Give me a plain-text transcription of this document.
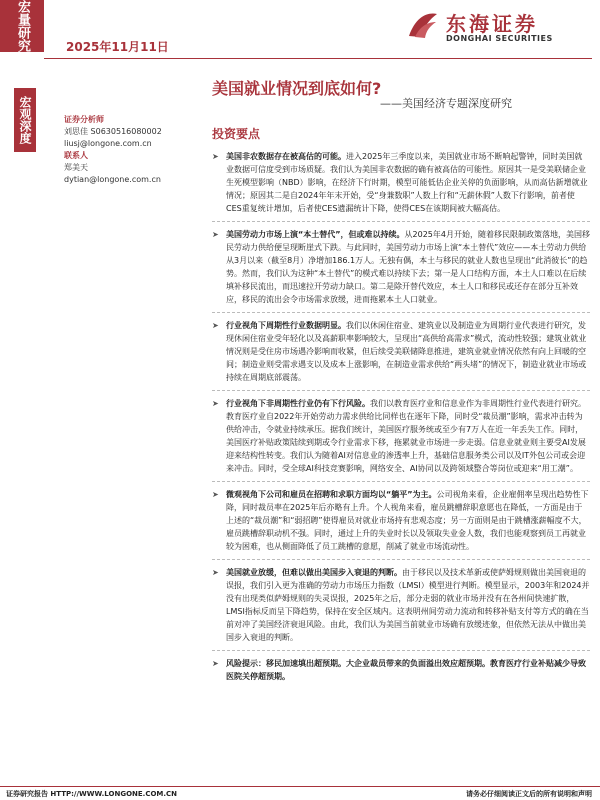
宏量研究	2025年11月11日
东海证券
DONGHAI SECURITIES
宏观深度
美国就业情况到底如何?
——美国经济专题深度研究
证券分析师
刘思佳 S0630516080002
liusj@longone.com.cn
联系人
郑美天
dytian@longone.com.cn
投资要点
➤ 美国非农数据存在被高估的可能。进入2025年三季度以来，美国就业市场不断响起警钟，同时美国就业数据可信度受到市场质疑。我们认为美国非农数据的确有被高估的可能性。原因其一是受美联储企业生死模型影响（NBD）影响，在经济下行时期，模型可能低估企业关停的负面影响，从而高估新增就业情况；原因其二是自2024年年末开始，受“身兼数职”人数上行和“无薪休假”人数下行影响，前者使CES重复统计增加，后者使CES遗漏统计下降，使得CES在该期间被大幅高估。
➤ 美国劳动力市场上演“本土替代”，但或难以持续。从2025年4月开始，随着移民限制政策落地，美国移民劳动力供给便呈现断崖式下跌。与此同时，美国劳动力市场上演“本土替代”效应——本土劳动力供给从3月以来（截至8月）净增加186.1万人。无独有偶，本土与移民的就业人数也呈现出“此消彼长”的趋势。然而，我们认为这种“本土替代”的模式难以持续下去；第一是人口结构方面，本土人口难以在后续填补移民流出，而迅速拉开劳动力缺口。第二是除开替代效应，本土人口和移民或还存在部分互补效应，移民的流出会令市场需求放缓，进而拖累本土人口就业。
➤ 行业视角下周期性行业数据明显。我们以休闲住宿业、建筑业以及制造业为周期行业代表进行研究，发现休闲住宿业受年轻化以及高薪职率影响较大，呈现出“高供给高需求”模式，流动性较强；建筑业就业情况则是受住房市场遇冷影响而收紧，但后续受美联储降息推进，建筑业就业情况依然有向上回暖的空间；制造业则受需求遇支以及成本上涨影响，在制造业需求供给“两头堵”的情况下，制造业就业市场或持续在周期底部震荡。
➤ 行业视角下非周期性行业仍有下行风险。我们以教育医疗业和信息业作为非周期性行业代表进行研究。教育医疗业自2022年开始劳动力需求供给比同样也在逐年下降，同时受“裁员潮”影响，需求冲击转为供给冲击，令就业持续承压。据我们统计，美国医疗服务统或至少有7万人在近一年丢失工作。同时，美国医疗补贴政策陆续到期或令行业需求下移，拖累就业市场进一步走弱。信息业就业则主要受AI发展迎来结构性转变。我们认为随着AI对信息业的渗透率上升，基础信息服务类公司以及IT外包公司或会迎来冲击。同时，受全球AI科技竞赛影响，网络安全、AI协同以及跨领域整合等岗位或迎来“用工潮”。
➤ 微观视角下公司和雇员在招聘和求职方面均以“躺平”为主。公司视角来看，企业雇佣率呈现出趋势性下降，同时裁员率在2025年后亦略有上升。个人视角来看，雇员跳槽辞职意愿也在降低，一方面是由于上述的“裁员潮”和“弱招聘”使得雇员对就业市场持有悲观态度；另一方面则是由于跳槽涨薪幅度不大，雇员跳槽辞职动机不强。同时，通过上升的失业时长以及领取失业金人数，我们也能观察到员工再就业较为困难，也从侧面降低了员工跳槽的意愿，削减了就业市场流动性。
➤ 美国就业放缓，但难以做出美国步入衰退的判断。由于移民以及技术革新或使萨姆规则做出美国衰退的误报，我们引入更为准确的劳动力市场压力指数（LMSI）模型进行判断。模型显示，2003年和2024并没有出现类似萨姆规则的失灵误报，2025年之后，部分走弱的就业市场并没有在各州间快速扩散，LMSI指标反而呈下降趋势，保持在安全区域内。这表明州间劳动力流动和转移补贴支付等方式的确在当前对冲了美国经济衰退风险。由此，我们认为美国当前就业市场确有放缓迹象，但依然无法从中做出美国步入衰退的判断。
➤ 风险提示：移民加速填出超预期。大企业裁员带来的负面溢出效应超预期。教育医疗行业补贴减少导致医院关停超预期。
证券研究报告 HTTP://WWW.LONGONE.COM.CN	请务必仔细阅读正文后的所有说明和声明
